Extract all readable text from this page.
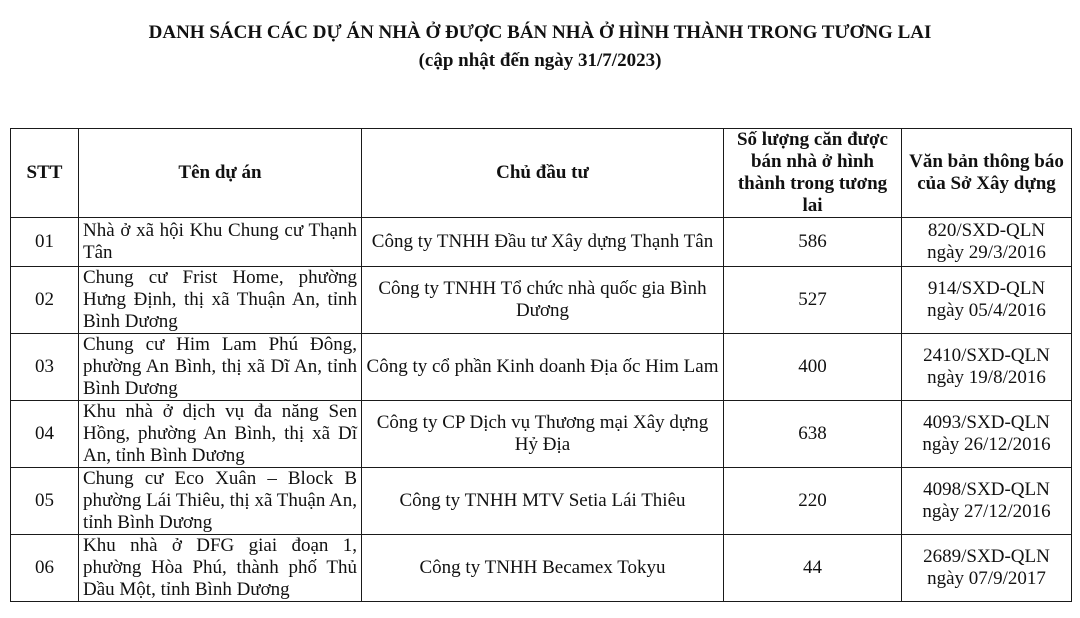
DANH SÁCH CÁC DỰ ÁN NHÀ Ở ĐƯỢC BÁN NHÀ Ở HÌNH THÀNH TRONG TƯƠNG LAI
(cập nhật đến ngày 31/7/2023)
STT	Tên dự án	Chủ đầu tư	Số lượng căn được bán nhà ở hình thành trong tương lai	Văn bản thông báo của Sở Xây dựng
01	Nhà ở xã hội Khu Chung cư Thạnh Tân	Công ty TNHH Đầu tư Xây dựng Thạnh Tân	586	820/SXD-QLN
ngày 29/3/2016

02	Chung cư Frist Home, phường Hưng Định, thị xã Thuận An, tỉnh Bình Dương	Công ty TNHH Tổ chức nhà quốc gia Bình Dương	527	914/SXD-QLN
ngày 05/4/2016

03	Chung cư Him Lam Phú Đông, phường An Bình, thị xã Dĩ An, tỉnh Bình Dương	Công ty cổ phần Kinh doanh Địa ốc Him Lam	400	2410/SXD-QLN
ngày 19/8/2016

04	Khu nhà ở dịch vụ đa năng Sen Hồng, phường An Bình, thị xã Dĩ An, tỉnh Bình Dương	Công ty CP Dịch vụ Thương mại Xây dựng Hỷ Địa	638	4093/SXD-QLN
ngày 26/12/2016

05	Chung cư Eco Xuân – Block B phường Lái Thiêu, thị xã Thuận An, tỉnh Bình Dương	Công ty TNHH MTV Setia Lái Thiêu	220	4098/SXD-QLN
ngày 27/12/2016

06	Khu nhà ở DFG giai đoạn 1, phường Hòa Phú, thành phố Thủ Dầu Một, tỉnh Bình Dương	Công ty TNHH Becamex Tokyu	44	2689/SXD-QLN
ngày 07/9/2017
